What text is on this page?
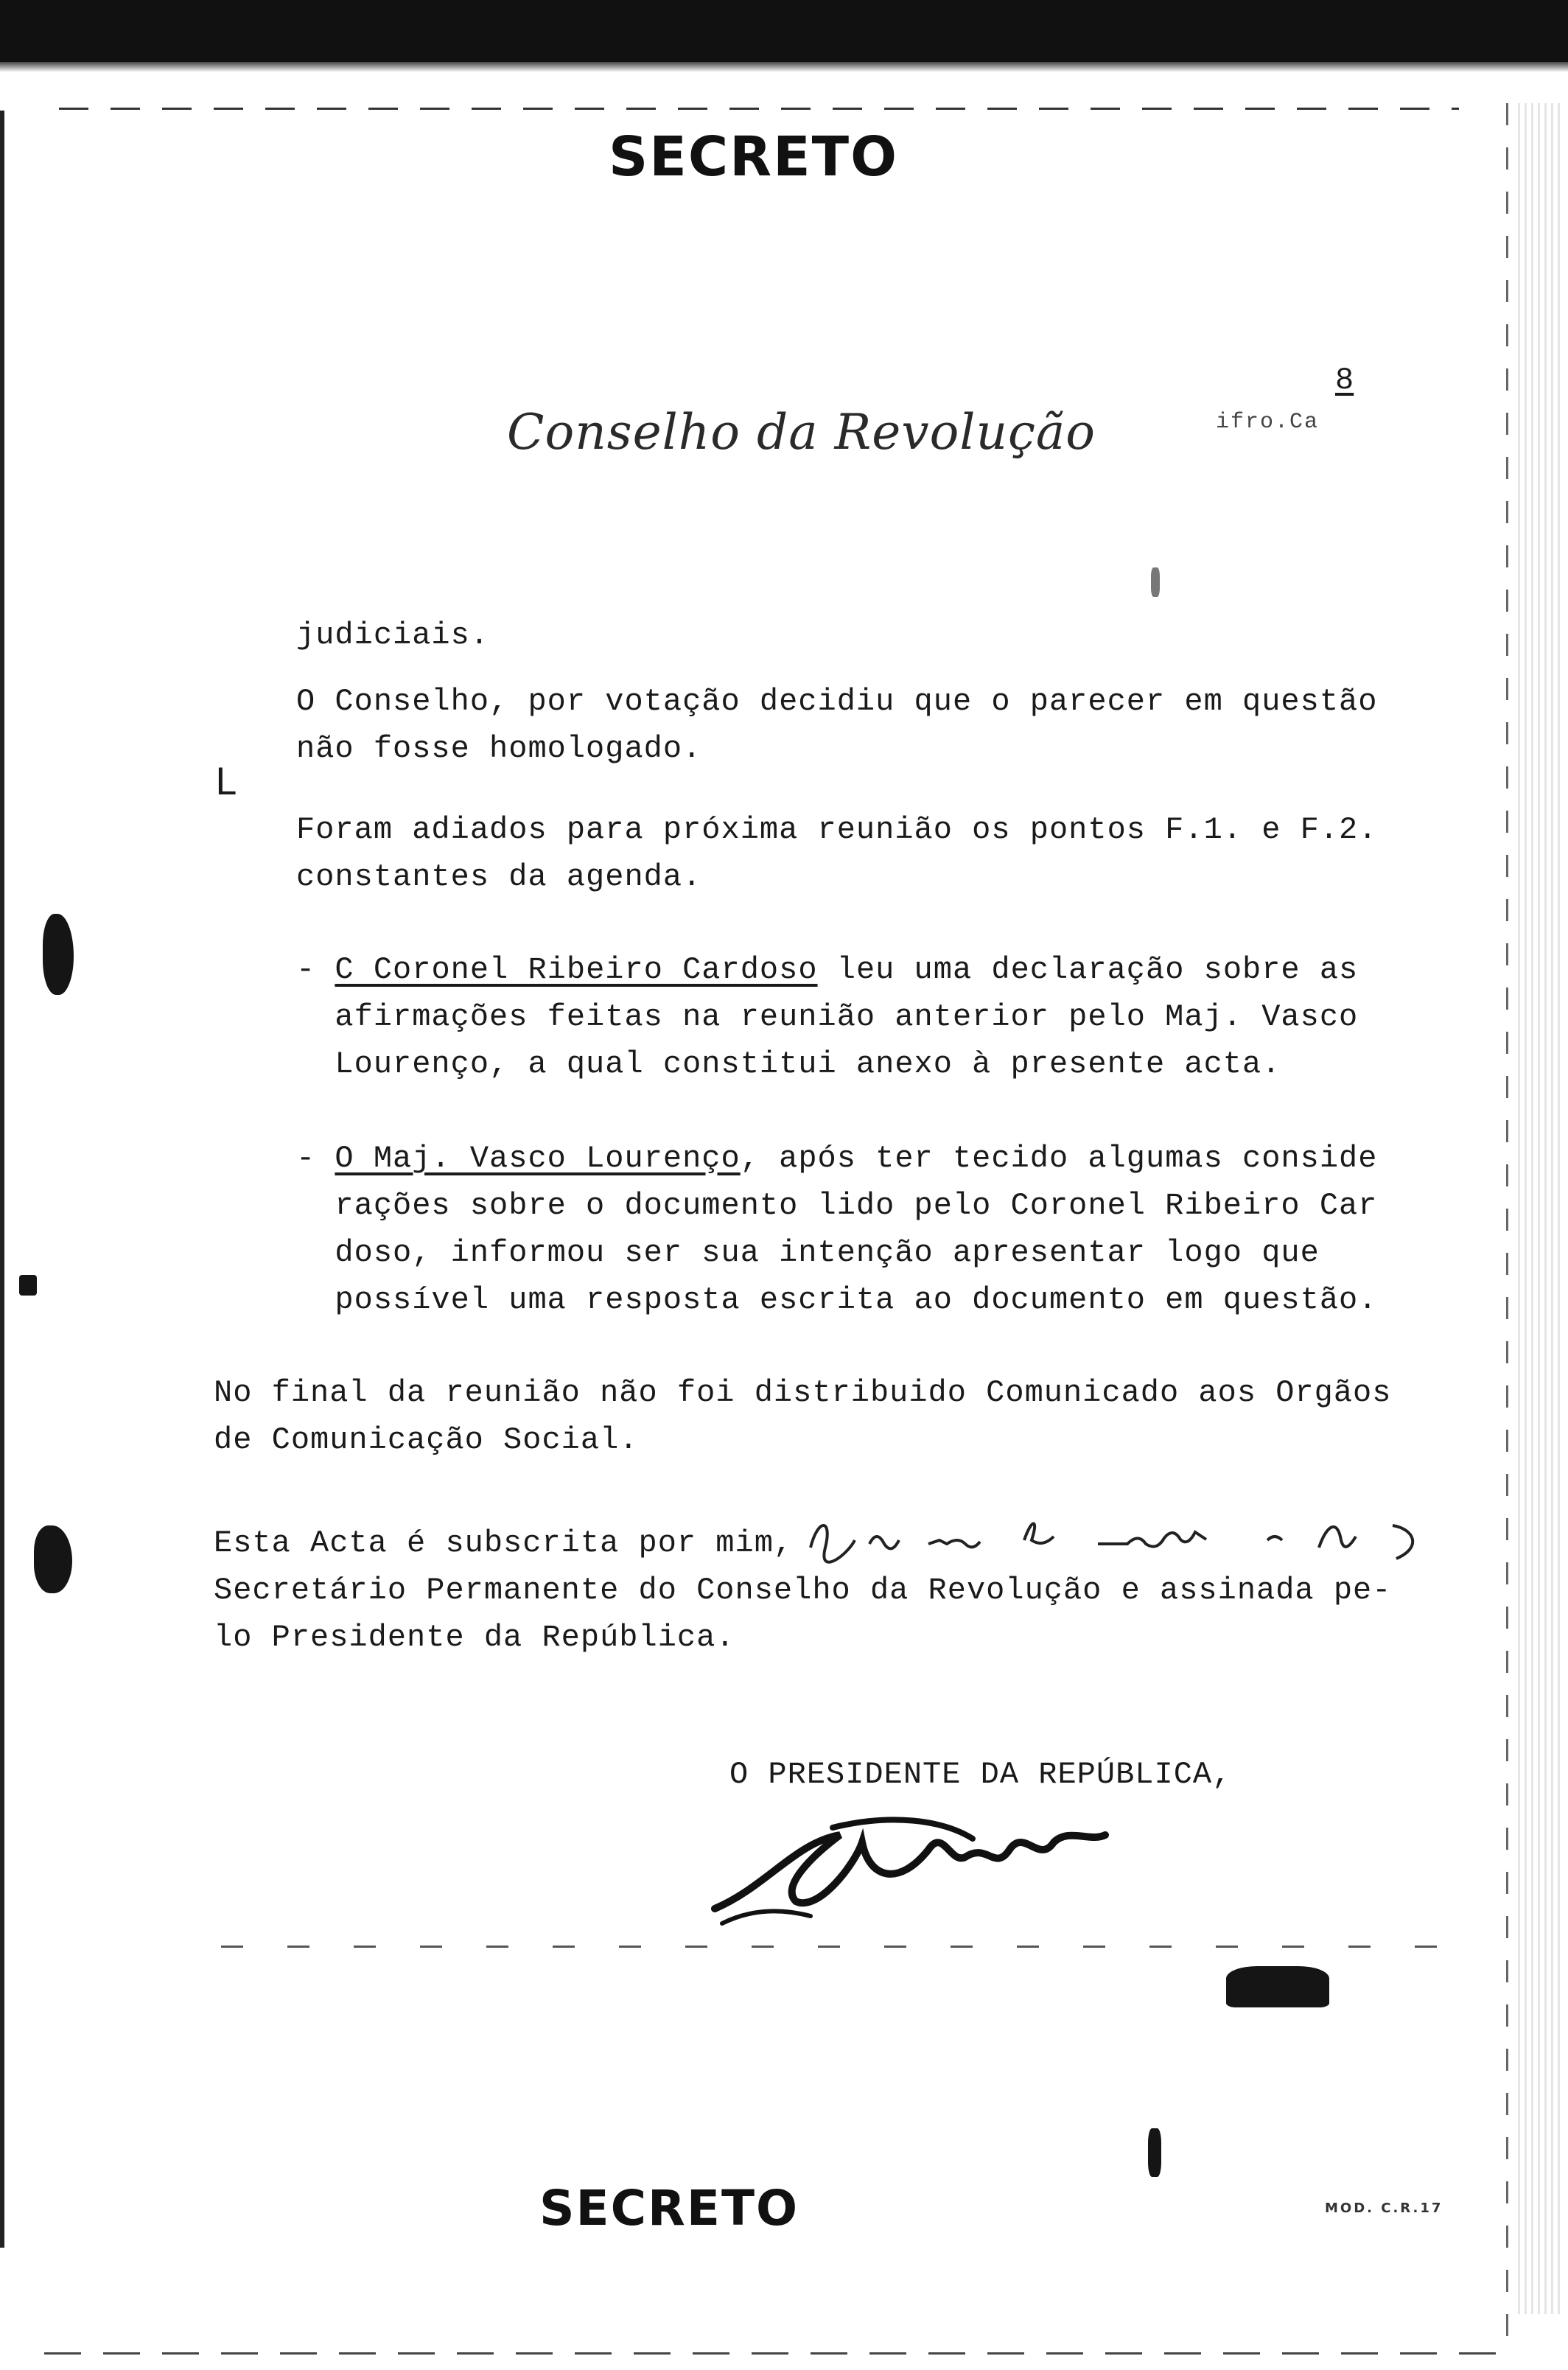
SECRETO
Conselho da Revolução
8
ifro.Ca
judiciais.
O Conselho, por votação decidiu que o parecer em questão
não fosse homologado.
L
Foram adiados para próxima reunião os pontos F.1. e F.2.
constantes da agenda.
- C Coronel Ribeiro Cardoso leu uma declaração sobre as
afirmações feitas na reunião anterior pelo Maj. Vasco
Lourenço, a qual constitui anexo à presente acta.
- O Maj. Vasco Lourenço, após ter tecido algumas conside
rações sobre o documento lido pelo Coronel Ribeiro Car
doso, informou ser sua intenção apresentar logo que
possível uma resposta escrita ao documento em questão.
No final da reunião não foi distribuido Comunicado aos Orgãos
de Comunicação Social.
Esta Acta é subscrita por mim,
Secretário Permanente do Conselho da Revolução e assinada pe-
lo Presidente da República.
O PRESIDENTE DA REPÚBLICA,
SECRETO	MOD. C.R.17
